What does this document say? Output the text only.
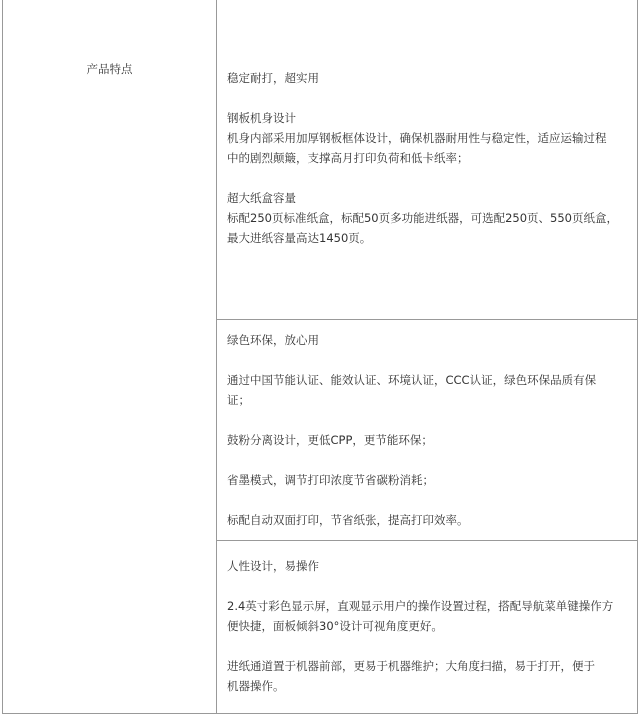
产品特点
稳定耐打，超实用
钢板机身设计
机身内部采用加厚钢板框体设计，确保机器耐用性与稳定性，适应运输过程
中的剧烈颠簸，支撑高月打印负荷和低卡纸率；
超大纸盒容量
标配250页标准纸盒，标配50页多功能进纸器，可选配250页、550页纸盒，
最大进纸容量高达1450页。
绿色环保，放心用
通过中国节能认证、能效认证、环境认证，CCC认证，绿色环保品质有保
证；
鼓粉分离设计，更低CPP，更节能环保；
省墨模式，调节打印浓度节省碳粉消耗；
标配自动双面打印，节省纸张，提高打印效率。
人性设计，易操作
2.4英寸彩色显示屏，直观显示用户的操作设置过程，搭配导航菜单键操作方
便快捷，面板倾斜30°设计可视角度更好。
进纸通道置于机器前部，更易于机器维护；大角度扫描，易于打开，便于
机器操作。
